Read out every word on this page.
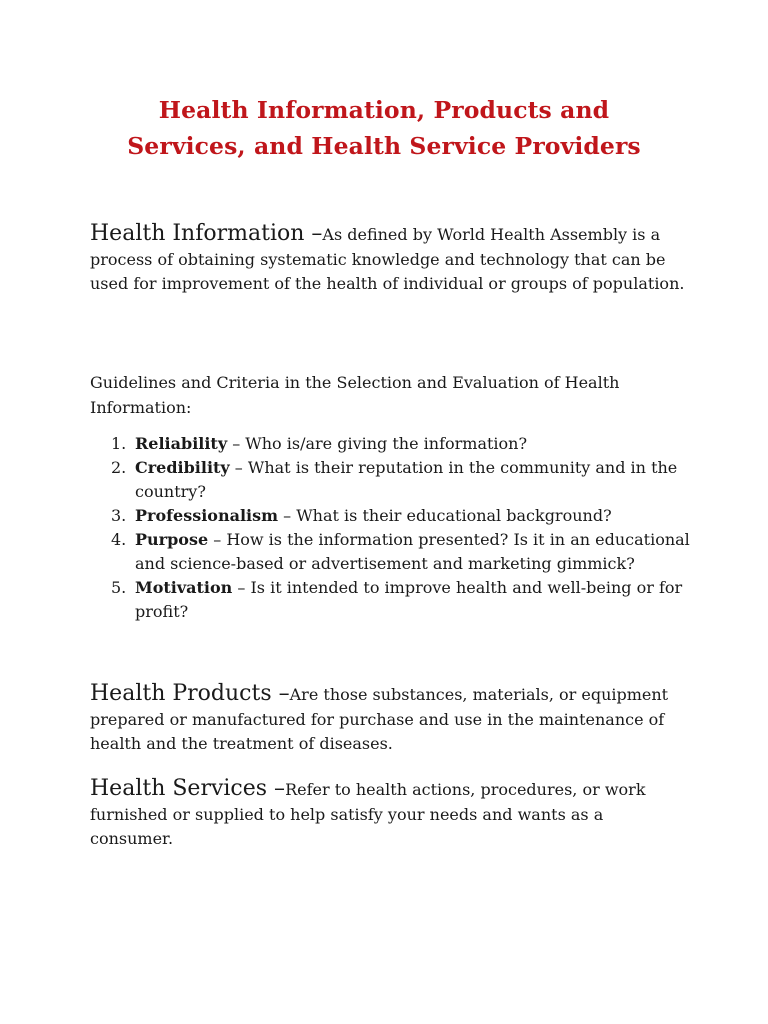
Health Information, Products and
Services, and Health Service Providers

Health Information –As defined by World Health Assembly is a process of obtaining systematic knowledge and technology that can be used for improvement of the health of individual or groups of population.

Guidelines and Criteria in the Selection and Evaluation of Health Information:

1. Reliability – Who is/are giving the information?
2. Credibility – What is their reputation in the community and in the country?
3. Professionalism – What is their educational background?
4. Purpose – How is the information presented? Is it in an educational and science-based or advertisement and marketing gimmick?
5. Motivation – Is it intended to improve health and well-being or for profit?

Health Products –Are those substances, materials, or equipment prepared or manufactured for purchase and use in the maintenance of health and the treatment of diseases.

Health Services –Refer to health actions, procedures, or work furnished or supplied to help satisfy your needs and wants as a consumer.
